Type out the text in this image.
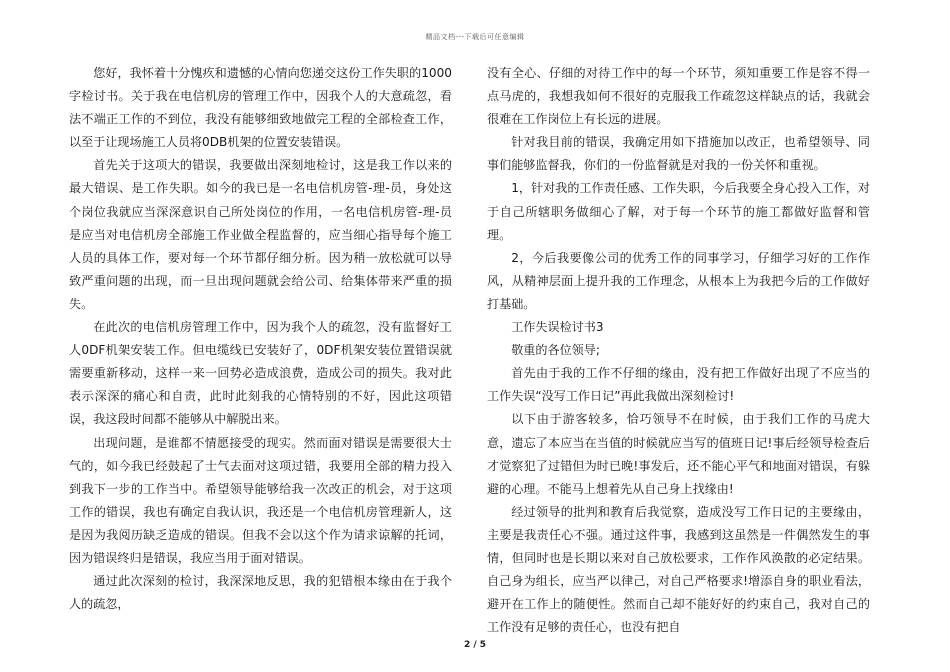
精品文档---下载后可任意编辑

您好，我怀着十分愧疚和遗憾的心情向您递交这份工作失职的1000字检讨书。关于我在电信机房的管理工作中，因我个人的大意疏忽，看法不端正工作的不到位，我没有能够细致地做完工程的全部检查工作，以至于让现场施工人员将0DB机架的位置安装错误。

首先关于这项大的错误，我要做出深刻地检讨，这是我工作以来的最大错误、是工作失职。如今的我已是一名电信机房管-理-员，身处这个岗位我就应当深深意识自己所处岗位的作用，一名电信机房管-理-员是应当对电信机房全部施工作业做全程监督的，应当细心指导每个施工人员的具体工作，要对每一个环节都仔细分析。因为稍一放松就可以导致严重问题的出现，而一旦出现问题就会给公司、给集体带来严重的损失。

在此次的电信机房管理工作中，因为我个人的疏忽，没有监督好工人0DF机架安装工作。但电缆线已安装好了，0DF机架安装位置错误就需要重新移动，这样一来一回势必造成浪费，造成公司的损失。我对此表示深深的痛心和自责，此时此刻我的心情特别的不好，因此这项错误，我这段时间都不能够从中解脱出来。

出现问题，是谁都不情愿接受的现实。然而面对错误是需要很大士气的，如今我已经鼓起了士气去面对这项过错，我要用全部的精力投入到我下一步的工作当中。希望领导能够给我一次改正的机会，对于这项工作的错误，我也有确定自我认识，我还是一个电信机房管理新人，这是因为我阅历缺乏造成的错误。但我不会以这个作为请求谅解的托词，因为错误终归是错误，我应当用于面对错误。

通过此次深刻的检讨，我深深地反思，我的犯错根本缘由在于我个人的疏忽，

没有全心、仔细的对待工作中的每一个环节，须知重要工作是容不得一点马虎的，我想我如何不很好的克服我工作疏忽这样缺点的话，我就会很难在工作岗位上有长远的进展。

针对我目前的错误，我确定用如下措施加以改正，也希望领导、同事们能够监督我，你们的一份监督就是对我的一份关怀和重视。

1，针对我的工作责任感、工作失职，今后我要全身心投入工作，对于自己所辖职务做细心了解，对于每一个环节的施工都做好监督和管理。

2，今后我要像公司的优秀工作的同事学习，仔细学习好的工作作风，从精神层面上提升我的工作理念，从根本上为我把今后的工作做好打基础。

工作失误检讨书3

敬重的各位领导;

首先由于我的工作不仔细的缘由，没有把工作做好出现了不应当的工作失误“没写工作日记”再此我做出深刻检讨!

以下由于游客较多，恰巧领导不在时候，由于我们工作的马虎大意，遗忘了本应当在当值的时候就应当写的值班日记!事后经领导检查后才觉察犯了过错但为时已晚!事发后，还不能心平气和地面对错误，有躲避的心理。不能马上想着先从自己身上找缘由!

经过领导的批判和教育后我觉察，造成没写工作日记的主要缘由，主要是我责任心不强。通过这件事，我感到这虽然是一件偶然发生的事情，但同时也是长期以来对自己放松要求，工作作风涣散的必定结果。自己身为组长，应当严以律己，对自己严格要求!增添自身的职业看法，避开在工作上的随便性。然而自己却不能好好的约束自己，我对自己的工作没有足够的责任心，也没有把自

2 / 5
